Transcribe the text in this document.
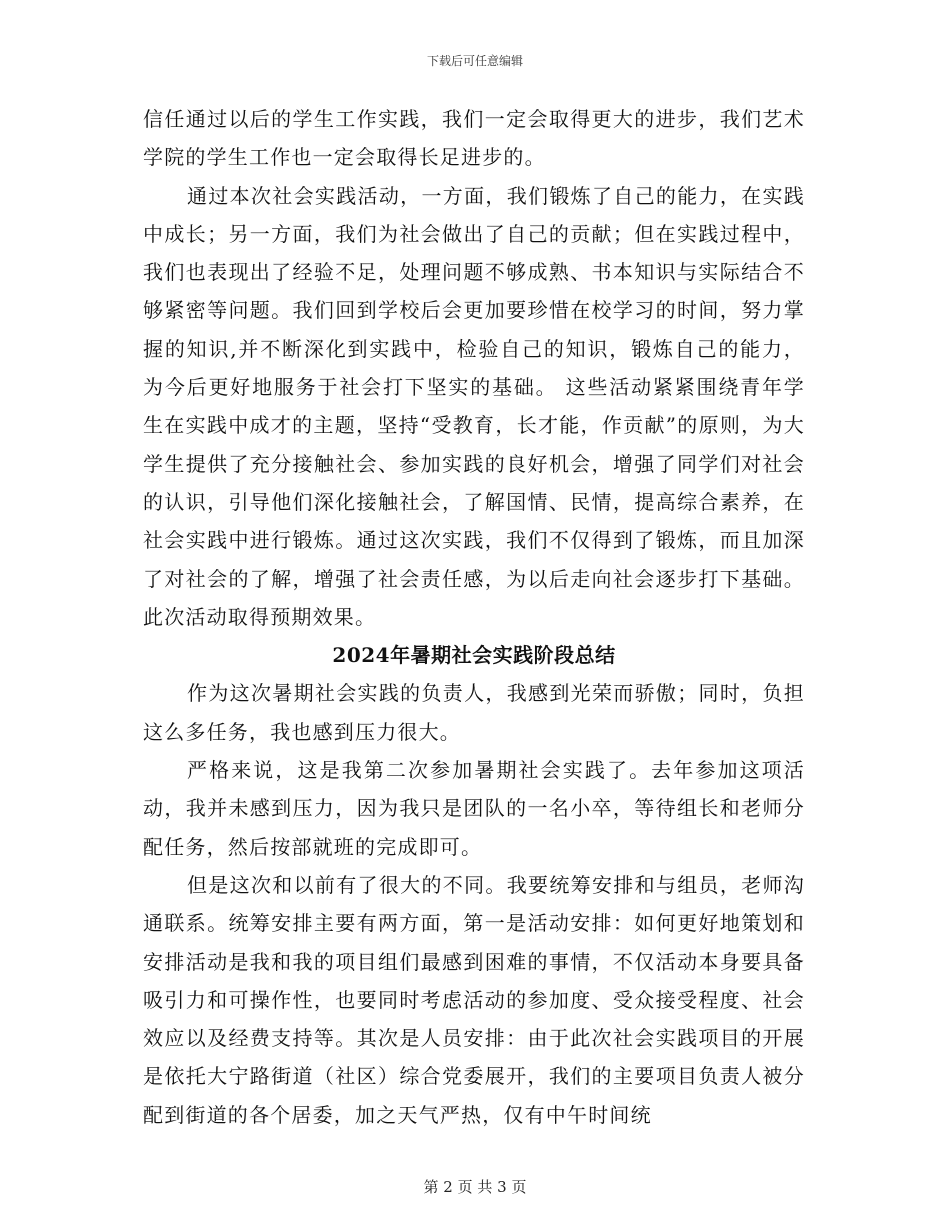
下载后可任意编辑

信任通过以后的学生工作实践，我们一定会取得更大的进步，我们艺术学院的学生工作也一定会取得长足进步的。

通过本次社会实践活动，一方面，我们锻炼了自己的能力，在实践中成长；另一方面，我们为社会做出了自己的贡献；但在实践过程中，我们也表现出了经验不足，处理问题不够成熟、书本知识与实际结合不够紧密等问题。我们回到学校后会更加要珍惜在校学习的时间，努力掌握的知识,并不断深化到实践中，检验自己的知识，锻炼自己的能力，为今后更好地服务于社会打下坚实的基础。 这些活动紧紧围绕青年学生在实践中成才的主题，坚持“受教育，长才能，作贡献”的原则，为大学生提供了充分接触社会、参加实践的良好机会，增强了同学们对社会的认识，引导他们深化接触社会，了解国情、民情，提高综合素养，在社会实践中进行锻炼。通过这次实践，我们不仅得到了锻炼，而且加深了对社会的了解，增强了社会责任感，为以后走向社会逐步打下基础。此次活动取得预期效果。

2024年暑期社会实践阶段总结

作为这次暑期社会实践的负责人，我感到光荣而骄傲；同时，负担这么多任务，我也感到压力很大。

严格来说，这是我第二次参加暑期社会实践了。去年参加这项活动，我并未感到压力，因为我只是团队的一名小卒，等待组长和老师分配任务，然后按部就班的完成即可。

但是这次和以前有了很大的不同。我要统筹安排和与组员，老师沟通联系。统筹安排主要有两方面，第一是活动安排：如何更好地策划和安排活动是我和我的项目组们最感到困难的事情，不仅活动本身要具备吸引力和可操作性，也要同时考虑活动的参加度、受众接受程度、社会效应以及经费支持等。其次是人员安排：由于此次社会实践项目的开展是依托大宁路街道（社区）综合党委展开，我们的主要项目负责人被分配到街道的各个居委，加之天气严热，仅有中午时间统

第 2 页 共 3 页
